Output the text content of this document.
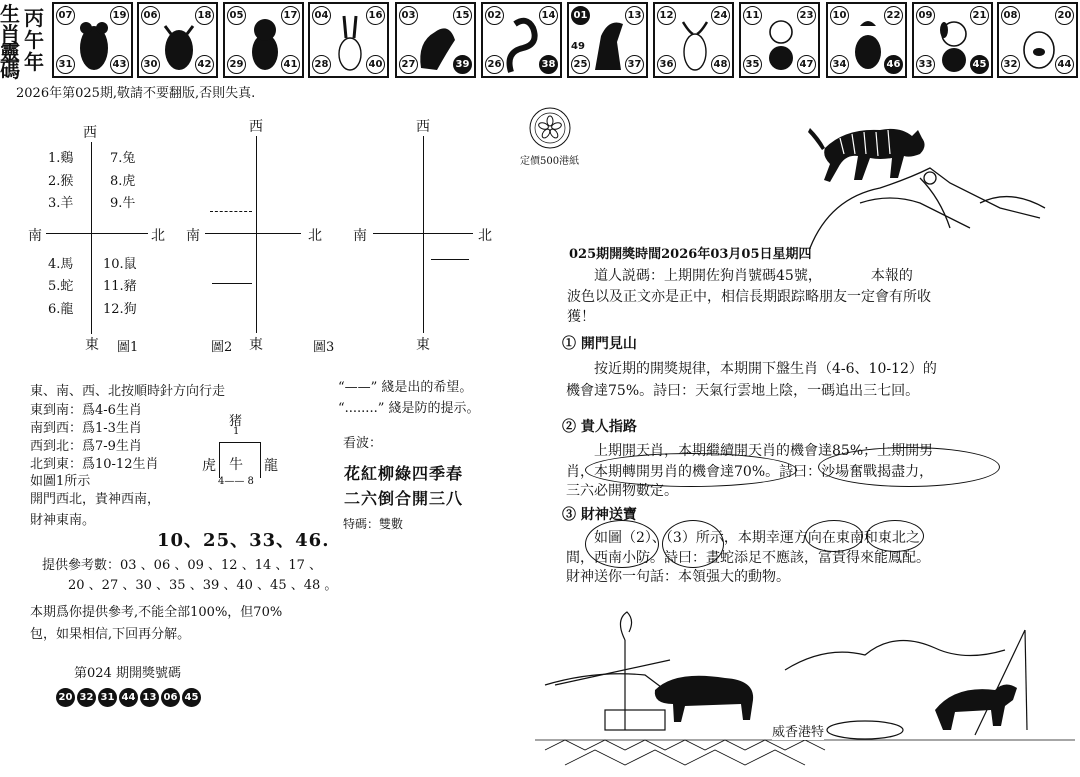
生
肖
靈
碼
丙
午
年
07	19
31	43
06	18
30	42
05	17
29	41
04	16
28	40
03	15
27	39
02	14
26	38
01	13
25	37
49
12	24
36	48
11	23
35	47
10	22
34	46
09	21
33	45
08	20
32	44
2026年第025期,敬請不要翻版,否則失真.
西
南	北
東
1.鷄
2.猴
3.羊
7.兔
8.虎
9.牛
4.馬
5.蛇
6.龍
10.鼠
11.豬
12.狗
圖1
西
南	北
東
圖2
西
南	北
東
圖3
東、南、西、北按順時針方向行走
東到南：爲4-6生肖
南到西：爲1-3生肖
西到北：爲7-9生肖
北到東：爲10-12生肖
如圖1所示
開門西北，貴神西南，
財神東南。
猪
1
虎 牛 龍
4—— 8
“——” 綫是出的希望。
“........” 綫是防的提示。
看波：
花紅柳綠四季春
二六倒合開三八
特碼：雙數
10、25、33、46.
提供參考數：03 、06 、09 、12 、14 、17 、
20 、27 、30 、35 、39 、40 、45 、48 。
本期爲你提供參考,不能全部100%，但70%
包，如果相信,下回再分解。
第024 期開獎號碼
20 32 31 44 13 06 45
定價500港紙
025期開獎時間2026年03月05日星期四
道人説碼：上期開佐狗肖號碼45號，　　　　本報的
波色以及正文亦是正中，相信長期跟踪略朋友一定會有所收
獲！
① 開門見山
按近期的開獎規律，本期開下盤生肖（4-6、10-12）的
機會達75%。詩曰：天氣行雲地上陰，一碼追出三七回。
② 貴人指路
上期開天肖，本期繼續開天肖的機會達85%；上期開男
肖，本期轉開男肖的機會達70%。詩曰：沙場奮戰揭盡力，
三六必開物數定。
③ 財神送寶
如圖（2）、（3）所示，本期幸運方向在東南和東北之
間，西南小防。詩曰：畫蛇添足不應該，富貴得來能鳳配。
財神送你一句話：本領强大的動物。
威香港特
